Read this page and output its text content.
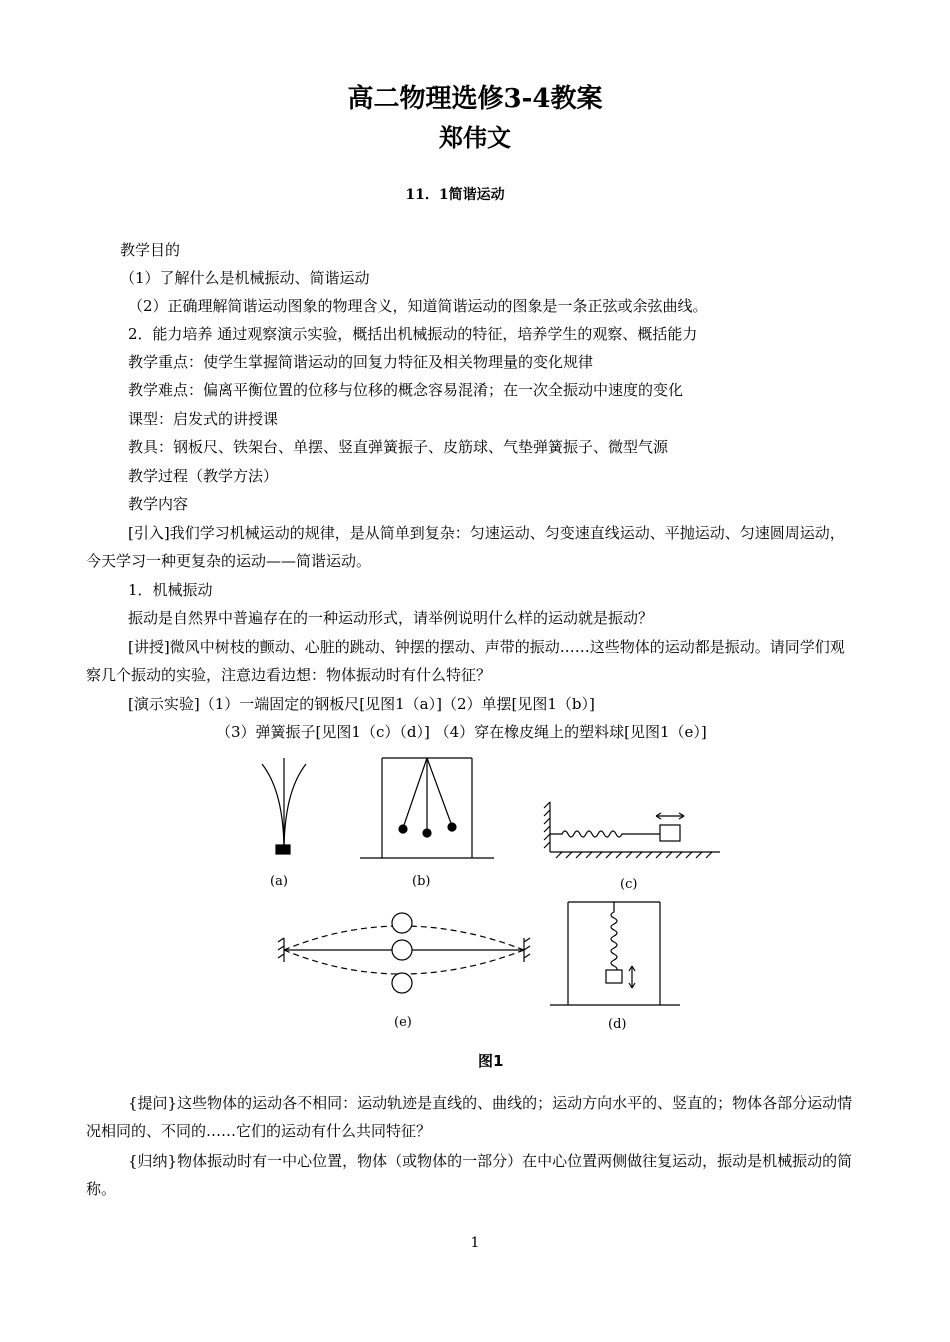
高二物理选修3-4教案
郑伟文
11．1简谐运动
教学目的
（1）了解什么是机械振动、简谐运动
（2）正确理解简谐运动图象的物理含义，知道简谐运动的图象是一条正弦或余弦曲线。
2．能力培养 通过观察演示实验，概括出机械振动的特征，培养学生的观察、概括能力
教学重点：使学生掌握简谐运动的回复力特征及相关物理量的变化规律
教学难点：偏离平衡位置的位移与位移的概念容易混淆；在一次全振动中速度的变化
课型：启发式的讲授课
教具：钢板尺、铁架台、单摆、竖直弹簧振子、皮筋球、气垫弹簧振子、微型气源
教学过程（教学方法）
教学内容
[引入]我们学习机械运动的规律，是从简单到复杂：匀速运动、匀变速直线运动、平抛运动、匀速圆周运动，今天学习一种更复杂的运动——简谐运动。
1．机械振动
振动是自然界中普遍存在的一种运动形式，请举例说明什么样的运动就是振动？
[讲授]微风中树枝的颤动、心脏的跳动、钟摆的摆动、声带的振动……这些物体的运动都是振动。请同学们观察几个振动的实验，注意边看边想：物体振动时有什么特征？
[演示实验]（1）一端固定的钢板尺[见图1（a）]（2）单摆[见图1（b）]
（3）弹簧振子[见图1（c）（d）] （4）穿在橡皮绳上的塑料球[见图1（e）]
(a)	(b)	(c)
(e)	(d)
图1
{提问}这些物体的运动各不相同：运动轨迹是直线的、曲线的；运动方向水平的、竖直的；物体各部分运动情况相同的、不同的……它们的运动有什么共同特征？
{归纳}物体振动时有一中心位置，物体（或物体的一部分）在中心位置两侧做往复运动，振动是机械振动的简称。
1
